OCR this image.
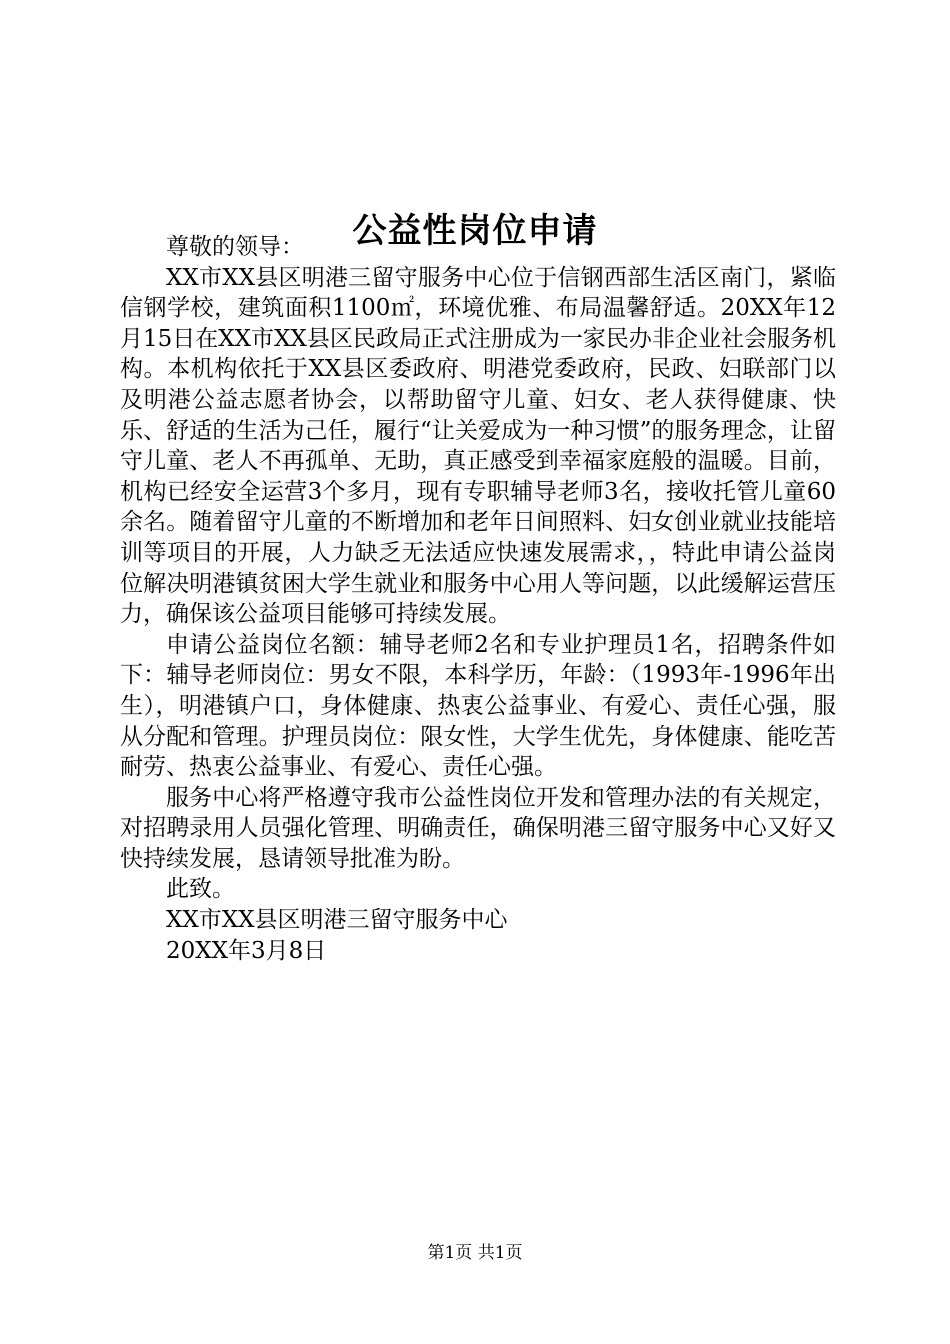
公益性岗位申请

尊敬的领导：

XX市XX县区明港三留守服务中心位于信钢西部生活区南门，紧临信钢学校，建筑面积1100㎡，环境优雅、布局温馨舒适。20XX年12月15日在XX市XX县区民政局正式注册成为一家民办非企业社会服务机构。本机构依托于XX县区委政府、明港党委政府，民政、妇联部门以及明港公益志愿者协会，以帮助留守儿童、妇女、老人获得健康、快乐、舒适的生活为己任，履行“让关爱成为一种习惯”的服务理念，让留守儿童、老人不再孤单、无助，真正感受到幸福家庭般的温暖。目前，机构已经安全运营3个多月，现有专职辅导老师3名，接收托管儿童60余名。随着留守儿童的不断增加和老年日间照料、妇女创业就业技能培训等项目的开展，人力缺乏无法适应快速发展需求，，特此申请公益岗位解决明港镇贫困大学生就业和服务中心用人等问题，以此缓解运营压力，确保该公益项目能够可持续发展。

申请公益岗位名额：辅导老师2名和专业护理员1名，招聘条件如下：辅导老师岗位：男女不限，本科学历，年龄：（1993年-1996年出生），明港镇户口，身体健康、热衷公益事业、有爱心、责任心强，服从分配和管理。护理员岗位：限女性，大学生优先，身体健康、能吃苦耐劳、热衷公益事业、有爱心、责任心强。

服务中心将严格遵守我市公益性岗位开发和管理办法的有关规定，对招聘录用人员强化管理、明确责任，确保明港三留守服务中心又好又快持续发展，恳请领导批准为盼。

此致。

XX市XX县区明港三留守服务中心

20XX年3月8日

第1页 共1页
